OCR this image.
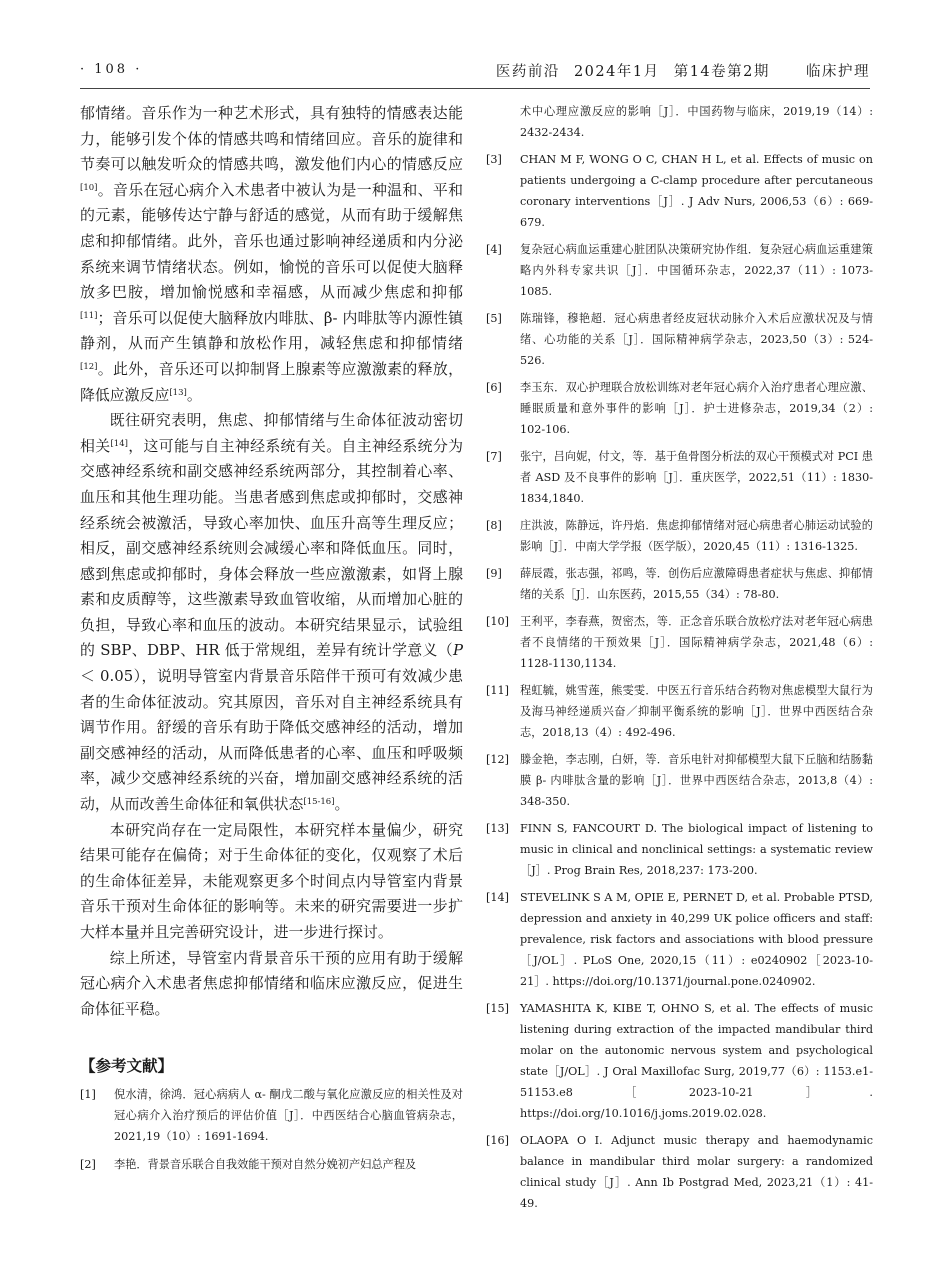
· 108 ·	医药前沿 2024年1月 第14卷第2期 临床护理

郁情绪。音乐作为一种艺术形式，具有独特的情感表达能力，能够引发个体的情感共鸣和情绪回应。音乐的旋律和节奏可以触发听众的情感共鸣，激发他们内心的情感反应[10]。音乐在冠心病介入术患者中被认为是一种温和、平和的元素，能够传达宁静与舒适的感觉，从而有助于缓解焦虑和抑郁情绪。此外，音乐也通过影响神经递质和内分泌系统来调节情绪状态。例如，愉悦的音乐可以促使大脑释放多巴胺，增加愉悦感和幸福感，从而减少焦虑和抑郁[11]；音乐可以促使大脑释放内啡肽、β- 内啡肽等内源性镇静剂，从而产生镇静和放松作用，减轻焦虑和抑郁情绪[12]。此外，音乐还可以抑制肾上腺素等应激激素的释放，降低应激反应[13]。

既往研究表明，焦虑、抑郁情绪与生命体征波动密切相关[14]，这可能与自主神经系统有关。自主神经系统分为交感神经系统和副交感神经系统两部分，其控制着心率、血压和其他生理功能。当患者感到焦虑或抑郁时，交感神经系统会被激活，导致心率加快、血压升高等生理反应；相反，副交感神经系统则会减缓心率和降低血压。同时，感到焦虑或抑郁时，身体会释放一些应激激素，如肾上腺素和皮质醇等，这些激素导致血管收缩，从而增加心脏的负担，导致心率和血压的波动。本研究结果显示，试验组的 SBP、DBP、HR 低于常规组，差异有统计学意义（P ＜ 0.05），说明导管室内背景音乐陪伴干预可有效减少患者的生命体征波动。究其原因，音乐对自主神经系统具有调节作用。舒缓的音乐有助于降低交感神经的活动，增加副交感神经的活动，从而降低患者的心率、血压和呼吸频率，减少交感神经系统的兴奋，增加副交感神经系统的活动，从而改善生命体征和氧供状态[15-16]。

本研究尚存在一定局限性，本研究样本量偏少，研究结果可能存在偏倚；对于生命体征的变化，仅观察了术后的生命体征差异，未能观察更多个时间点内导管室内背景音乐干预对生命体征的影响等。未来的研究需要进一步扩大样本量并且完善研究设计，进一步进行探讨。

综上所述，导管室内背景音乐干预的应用有助于缓解冠心病介入术患者焦虑抑郁情绪和临床应激反应，促进生命体征平稳。

【参考文献】
[1]	倪水清，徐鸿．冠心病病人 α- 酮戊二酸与氧化应激反应的相关性及对冠心病介入治疗预后的评估价值［J］．中西医结合心脑血管病杂志，2021,19（10）: 1691-1694.
[2]	李艳．背景音乐联合自我效能干预对自然分娩初产妇总产程及
术中心理应激反应的影响［J］．中国药物与临床，2019,19（14）: 2432-2434.
[3]	CHAN M F, WONG O C, CHAN H L, et al. Effects of music on patients undergoing a C-clamp procedure after percutaneous coronary interventions［J］. J Adv Nurs, 2006,53（6）: 669-679.
[4]	复杂冠心病血运重建心脏团队决策研究协作组．复杂冠心病血运重建策略内外科专家共识［J］．中国循环杂志，2022,37（11）: 1073-1085.
[5]	陈瑞锋，穆艳超．冠心病患者经皮冠状动脉介入术后应激状况及与情绪、心功能的关系［J］．国际精神病学杂志，2023,50（3）: 524-526.
[6]	李玉东．双心护理联合放松训练对老年冠心病介入治疗患者心理应激、睡眠质量和意外事件的影响［J］．护士进修杂志，2019,34（2）: 102-106.
[7]	张宁，吕向妮，付文，等．基于鱼骨图分析法的双心干预模式对 PCI 患者 ASD 及不良事件的影响［J］．重庆医学，2022,51（11）: 1830-1834,1840.
[8]	庄洪波，陈静远，许丹焰．焦虑抑郁情绪对冠心病患者心肺运动试验的影响［J］．中南大学学报（医学版），2020,45（11）: 1316-1325.
[9]	薛辰霞，张志强，祁鸣，等．创伤后应激障碍患者症状与焦虑、抑郁情绪的关系［J］．山东医药，2015,55（34）: 78-80.
[10] 王利平，李春燕，贺密杰，等．正念音乐联合放松疗法对老年冠心病患者不良情绪的干预效果［J］．国际精神病学杂志，2021,48（6）: 1128-1130,1134.
[11] 程虹毓，姚雪莲，熊雯雯．中医五行音乐结合药物对焦虑模型大鼠行为及海马神经递质兴奋／抑制平衡系统的影响［J］．世界中西医结合杂志，2018,13（4）: 492-496.
[12] 滕金艳，李志刚，白妍，等．音乐电针对抑郁模型大鼠下丘脑和结肠黏膜 β- 内啡肽含量的影响［J］．世界中西医结合杂志，2013,8（4）: 348-350.
[13] FINN S, FANCOURT D. The biological impact of listening to music in clinical and nonclinical settings: a systematic review［J］. Prog Brain Res, 2018,237: 173-200.
[14] STEVELINK S A M, OPIE E, PERNET D, et al. Probable PTSD, depression and anxiety in 40,299 UK police officers and staff: prevalence, risk factors and associations with blood pressure［J/OL］. PLoS One, 2020,15（11）: e0240902［2023-10-21］. https://doi.org/10.1371/journal.pone.0240902.
[15] YAMASHITA K, KIBE T, OHNO S, et al. The effects of music listening during extraction of the impacted mandibular third molar on the autonomic nervous system and psychological state［J/OL］. J Oral Maxillofac Surg, 2019,77（6）: 1153.e1-51153.e8［2023-10-21］. https://doi.org/10.1016/j.joms.2019.02.028.
[16] OLAOPA O I. Adjunct music therapy and haemodynamic balance in mandibular third molar surgery: a randomized clinical study［J］. Ann Ib Postgrad Med, 2023,21（1）: 41-49.
